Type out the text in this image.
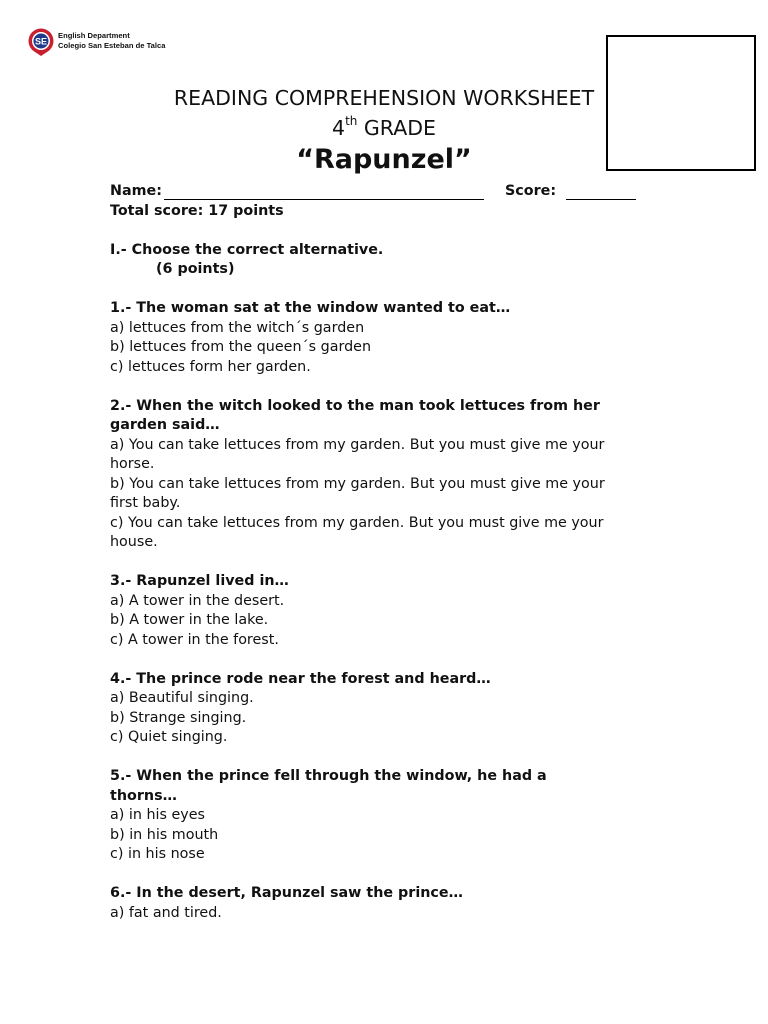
SE
English Department
Colegio San Esteban de Talca
READING COMPREHENSION WORKSHEET
4th GRADE
“Rapunzel”
Name:	Score:

Total score: 17 points

I.- Choose the correct alternative.

(6 points)

1.- The woman sat at the window wanted to eat…

a) lettuces from the witch´s garden

b) lettuces from the queen´s garden

c) lettuces form her garden.

2.- When the witch looked to the man took lettuces from her

garden said…

a) You can take lettuces from my garden. But you must give me your

horse.

b) You can take lettuces from my garden. But you must give me your

first baby.

c) You can take lettuces from my garden. But you must give me your

house.

3.- Rapunzel lived in…

a) A tower in the desert.

b) A tower in the lake.

c) A tower in the forest.

4.- The prince rode near the forest and heard…

a) Beautiful singing.

b) Strange singing.

c) Quiet singing.

5.- When the prince fell through the window, he had a

thorns…

a) in his eyes

b) in his mouth

c) in his nose

6.- In the desert, Rapunzel saw the prince…

a) fat and tired.
